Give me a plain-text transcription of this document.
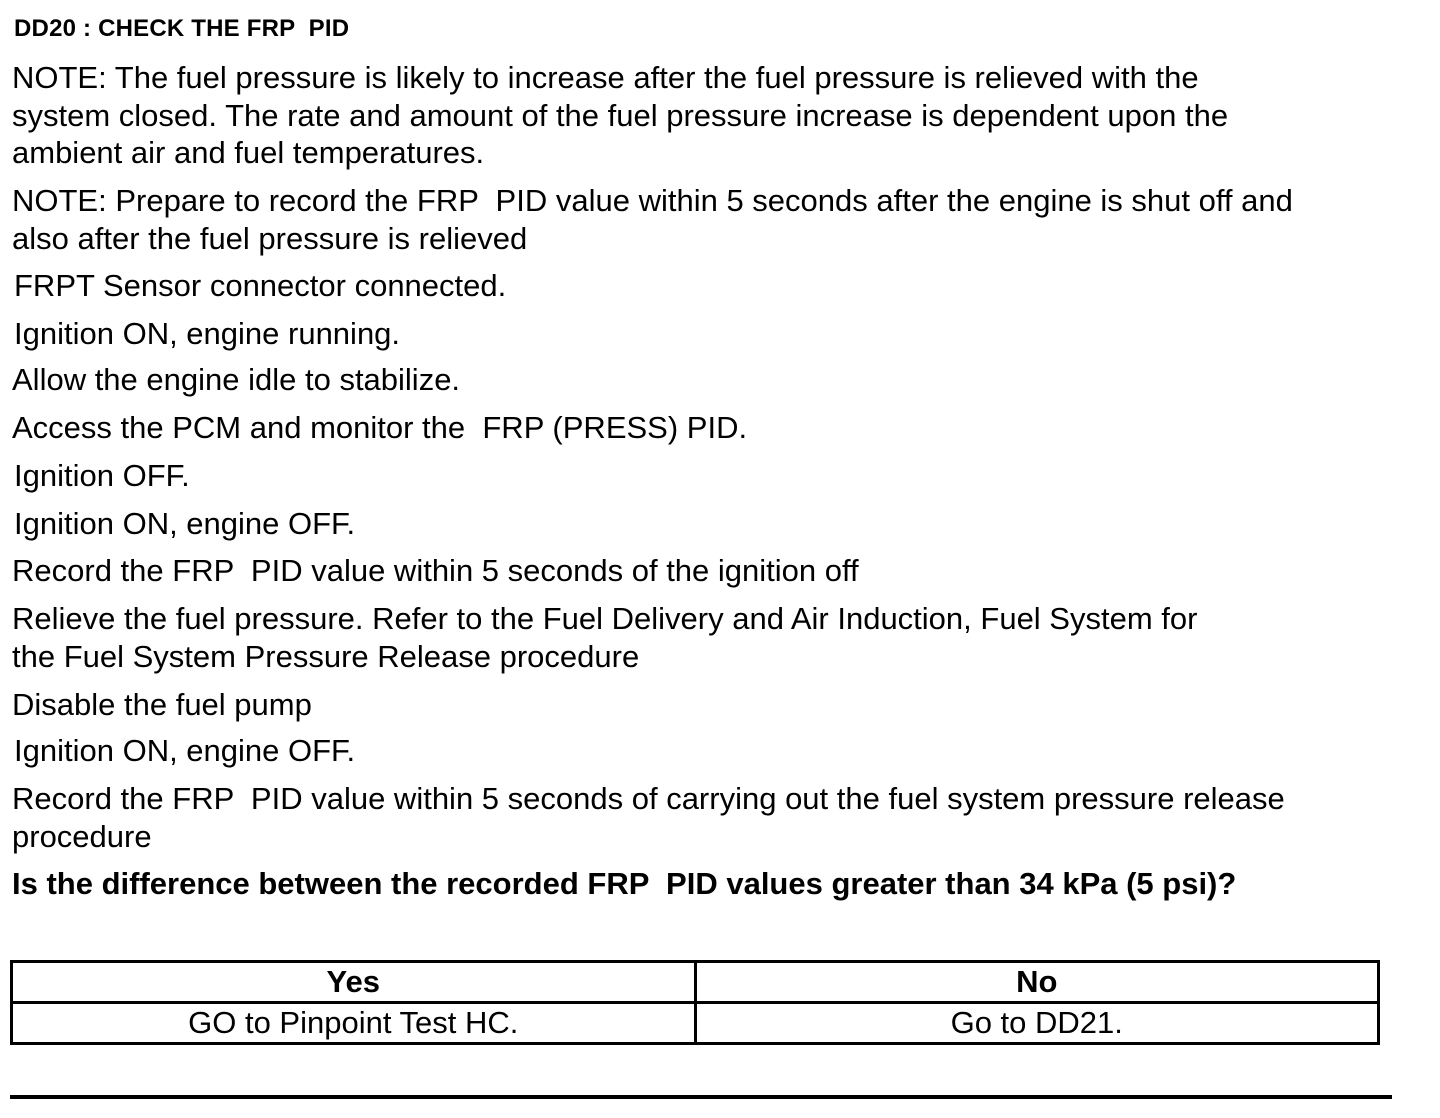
DD20 : CHECK THE FRP  PID

NOTE: The fuel pressure is likely to increase after the fuel pressure is relieved with the
system closed. The rate and amount of the fuel pressure increase is dependent upon the
ambient air and fuel temperatures.

NOTE: Prepare to record the FRP  PID value within 5 seconds after the engine is shut off and
also after the fuel pressure is relieved

FRPT Sensor connector connected.

Ignition ON, engine running.

Allow the engine idle to stabilize.

Access the PCM and monitor the  FRP (PRESS) PID.

Ignition OFF.

Ignition ON, engine OFF.

Record the FRP  PID value within 5 seconds of the ignition off

Relieve the fuel pressure. Refer to the Fuel Delivery and Air Induction, Fuel System for
the Fuel System Pressure Release procedure

Disable the fuel pump

Ignition ON, engine OFF.

Record the FRP  PID value within 5 seconds of carrying out the fuel system pressure release
procedure

Is the difference between the recorded FRP  PID values greater than 34 kPa (5 psi)?

Yes	No
GO to Pinpoint Test HC.	Go to DD21.
